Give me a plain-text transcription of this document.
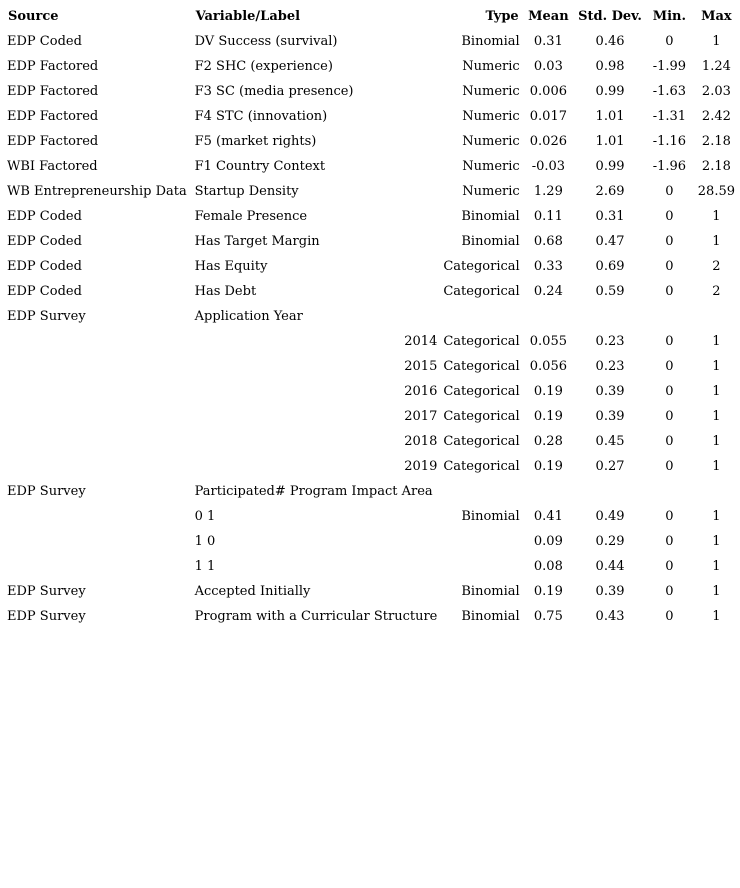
Source	Variable/Label	Type	Mean	Std. Dev.	Min.	Max
EDP Coded	DV Success (survival)	Binomial	0.31	0.46	0	1
EDP Factored	F2 SHC (experience)	Numeric	0.03	0.98	-1.99	1.24
EDP Factored	F3 SC (media presence)	Numeric	0.006	0.99	-1.63	2.03
EDP Factored	F4 STC (innovation)	Numeric	0.017	1.01	-1.31	2.42
EDP Factored	F5 (market rights)	Numeric	0.026	1.01	-1.16	2.18
WBI Factored	F1 Country Context	Numeric	-0.03	0.99	-1.96	2.18
WB Entrepreneurship Data	Startup Density	Numeric	1.29	2.69	0	28.59
EDP Coded	Female Presence	Binomial	0.11	0.31	0	1
EDP Coded	Has Target Margin	Binomial	0.68	0.47	0	1
EDP Coded	Has Equity	Categorical	0.33	0.69	0	2
EDP Coded	Has Debt	Categorical	0.24	0.59	0	2
EDP Survey	Application Year					
	2014	Categorical	0.055	0.23	0	1
	2015	Categorical	0.056	0.23	0	1
	2016	Categorical	0.19	0.39	0	1
	2017	Categorical	0.19	0.39	0	1
	2018	Categorical	0.28	0.45	0	1
	2019	Categorical	0.19	0.27	0	1
EDP Survey	Participated# Program Impact Area					
	0 1	Binomial	0.41	0.49	0	1
	1 0		0.09	0.29	0	1
	1 1		0.08	0.44	0	1
EDP Survey	Accepted Initially	Binomial	0.19	0.39	0	1
EDP Survey	Program with a Curricular Structure	Binomial	0.75	0.43	0	1
